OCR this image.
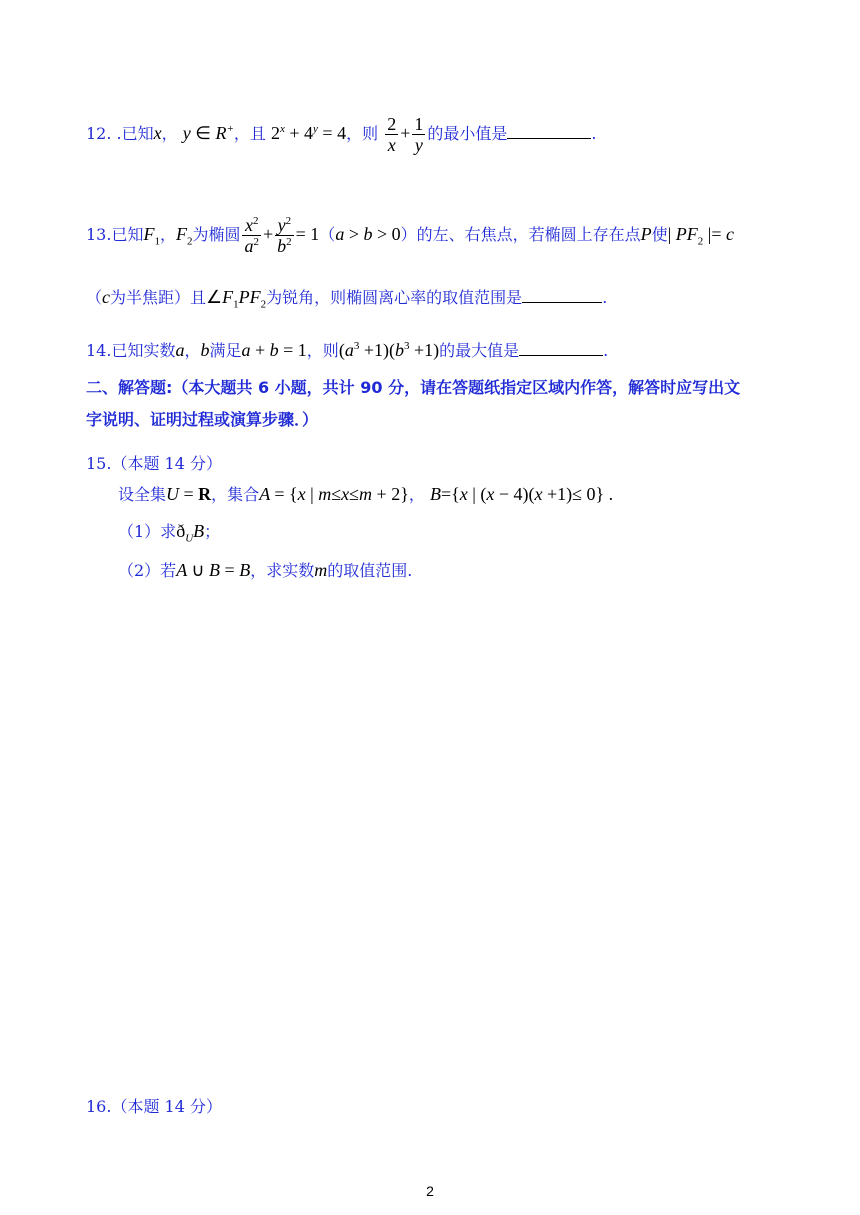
12. .已知x， y ∈ R+，且 $2^x + 4^y = 4$，则 $\frac{2}{x} + \frac{1}{y}$ 的最小值是	.
13.已知$F_1$，$F_2$为椭圆 $\frac{x^2}{a^2} + \frac{y^2}{b^2} = 1(a > b > 0)$的左、右焦点，若椭圆上存在点P使| $PF_2$ |= c
（c为半焦距）且$\angle F_1PF_2$为锐角，则椭圆离心率的取值范围是	.
14.已知实数a，b满足a + b = 1，则$(a^3 +1)(b^3 +1)$的最大值是	.
二、解答题:（本大题共 6 小题，共计 90 分，请在答题纸指定区域内作答，解答时应写出文
字说明、证明过程或演算步骤．）
15.（本题 14 分）
设全集U = R，集合A = {x | m≤x≤m + 2}， B={x | (x − 4)(x +1)≤ 0} .
（1）求$ð_UB$；
（2）若A ∪ B = B，求实数m的取值范围.
16.（本题 14 分）
2
